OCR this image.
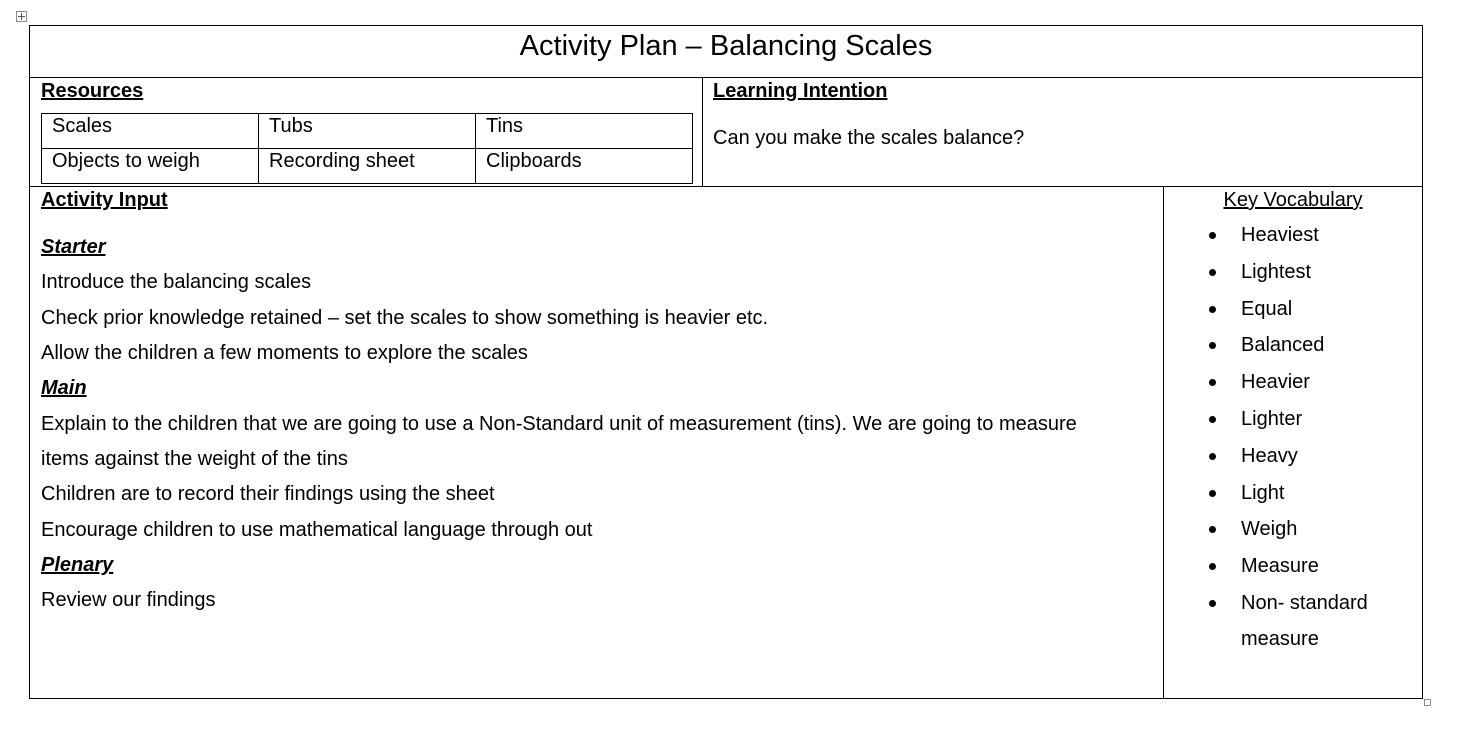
Activity Plan – Balancing Scales
Resources
Scales	Tubs	Tins
Objects to weigh	Recording sheet	Clipboards
Learning Intention
Can you make the scales balance?
Activity Input
Starter
Introduce the balancing scales
Check prior knowledge retained – set the scales to show something is heavier etc.
Allow the children a few moments to explore the scales
Main
Explain to the children that we are going to use a Non-Standard unit of measurement (tins). We are going to measure
items against the weight of the tins
Children are to record their findings using the sheet
Encourage children to use mathematical language through out
Plenary
Review our findings
Key Vocabulary
Heaviest
Lightest
Equal
Balanced
Heavier
Lighter
Heavy
Light
Weigh
Measure
Non- standard
measure
